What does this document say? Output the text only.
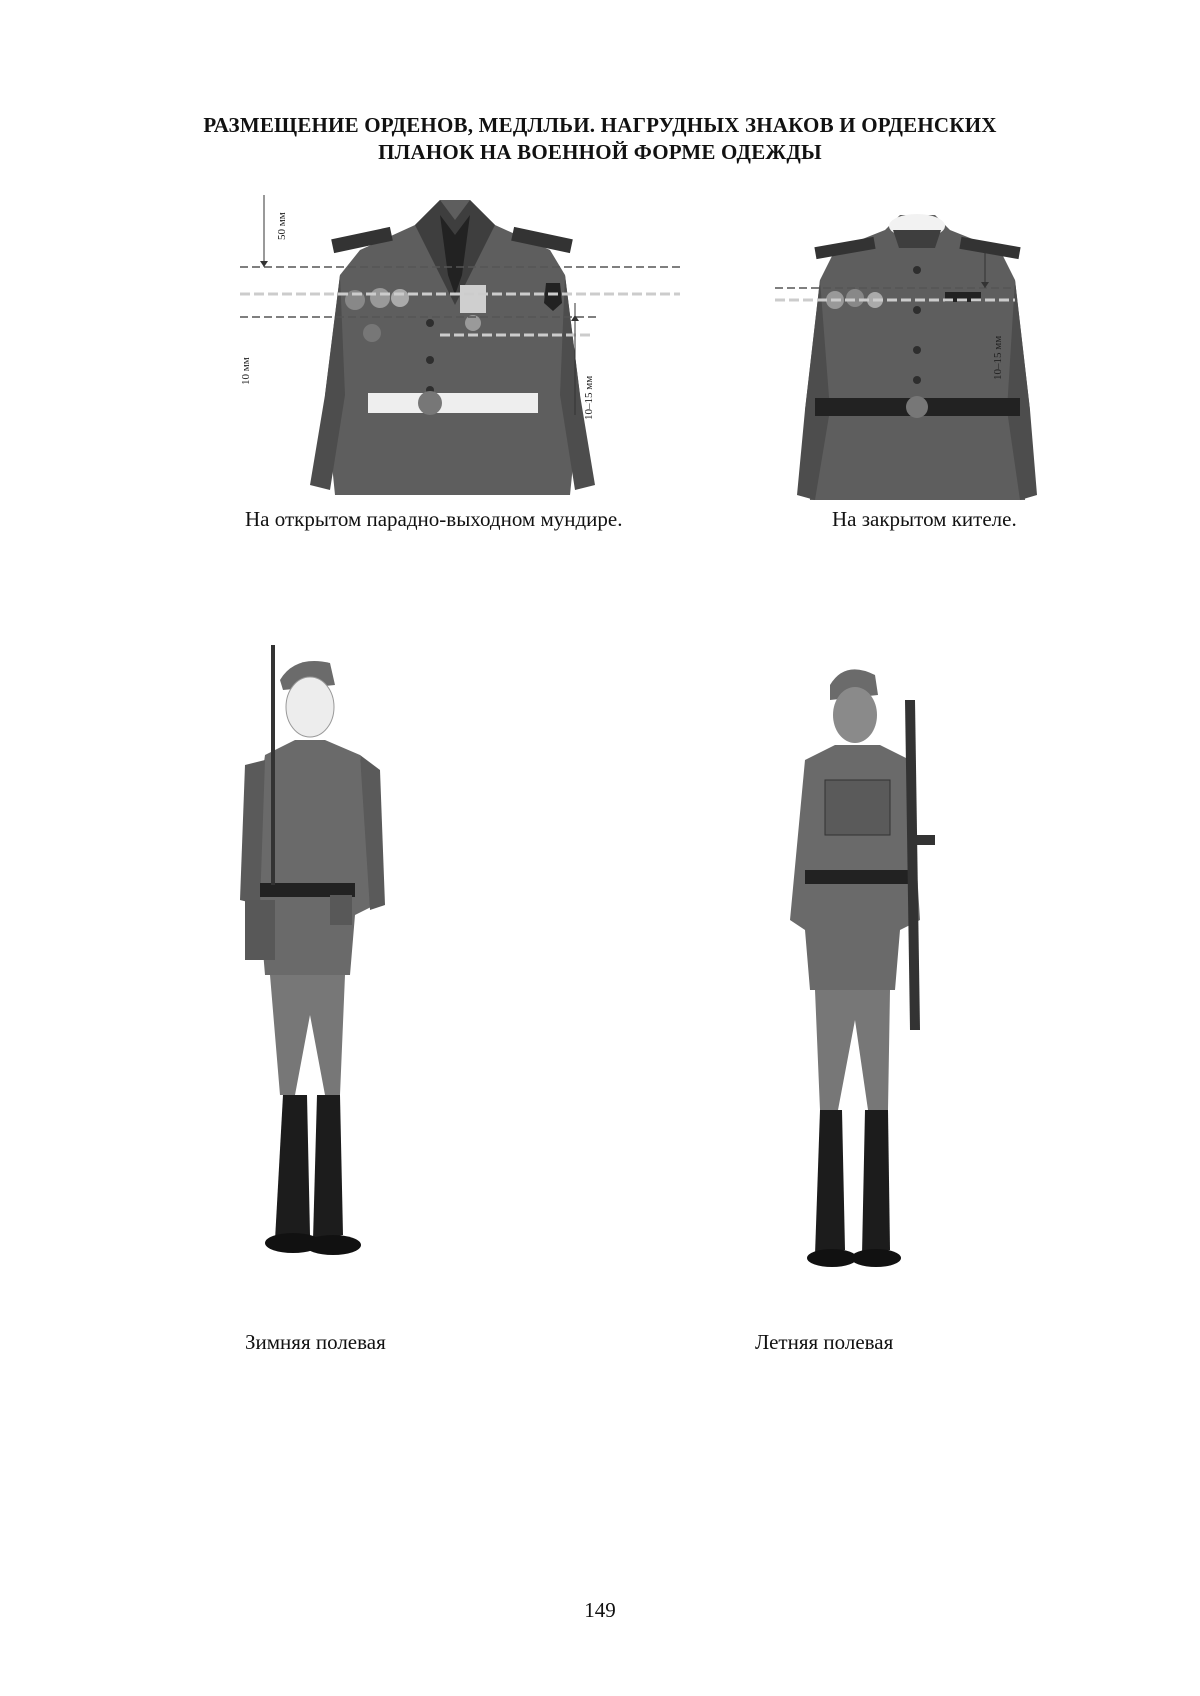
РАЗМЕЩЕНИЕ ОРДЕНОВ, МЕДЛЛЬИ. НАГРУДНЫХ ЗНАКОВ И ОРДЕНСКИХ
ПЛАНОК НА ВОЕННОЙ ФОРМЕ ОДЕЖДЫ
50 мм
10 мм
10–15 мм
На открытом парадно-выходном мундире.
10–15 мм
На закрытом кителе.
Зимняя полевая	Летняя полевая
149
